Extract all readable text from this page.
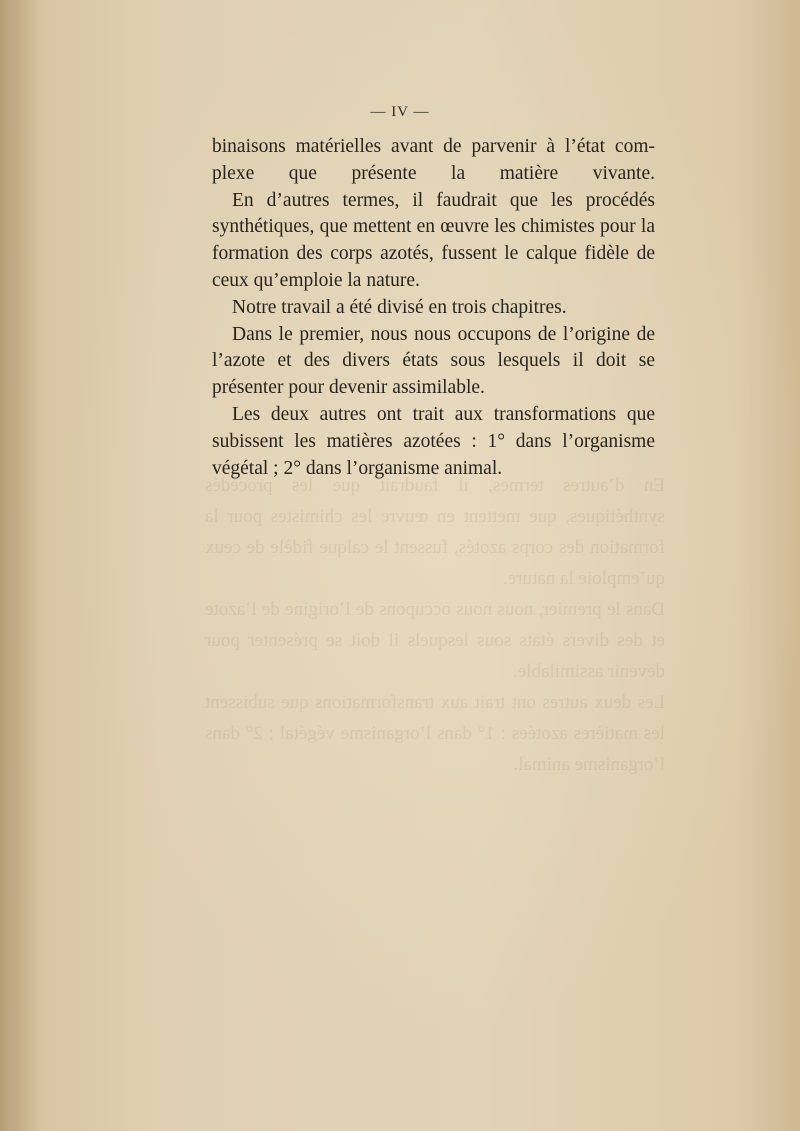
En d’autres termes, il faudrait que les procédés synthétiques, que mettent en œuvre les chimistes pour la formation des corps azotés, fussent le calque fidèle de ceux qu’emploie la nature.

Dans le premier, nous nous occupons de l’origine de l’azote et des divers états sous lesquels il doit se présenter pour devenir assimilable.

Les deux autres ont trait aux transformations que subissent les matières azotées : 1° dans l’organisme végétal ; 2° dans l’organisme animal.

— IV —

binaisons matérielles avant de parvenir à l’état com-plexe que présente la matière vivante.

En d’autres termes, il faudrait que les procédés synthétiques, que mettent en œuvre les chimistes pour la formation des corps azotés, fussent le calque fidèle de ceux qu’emploie la nature.

Notre travail a été divisé en trois chapitres.

Dans le premier, nous nous occupons de l’origine de l’azote et des divers états sous lesquels il doit se présenter pour devenir assimilable.

Les deux autres ont trait aux transformations que subissent les matières azotées : 1° dans l’organisme végétal ; 2° dans l’organisme animal.
